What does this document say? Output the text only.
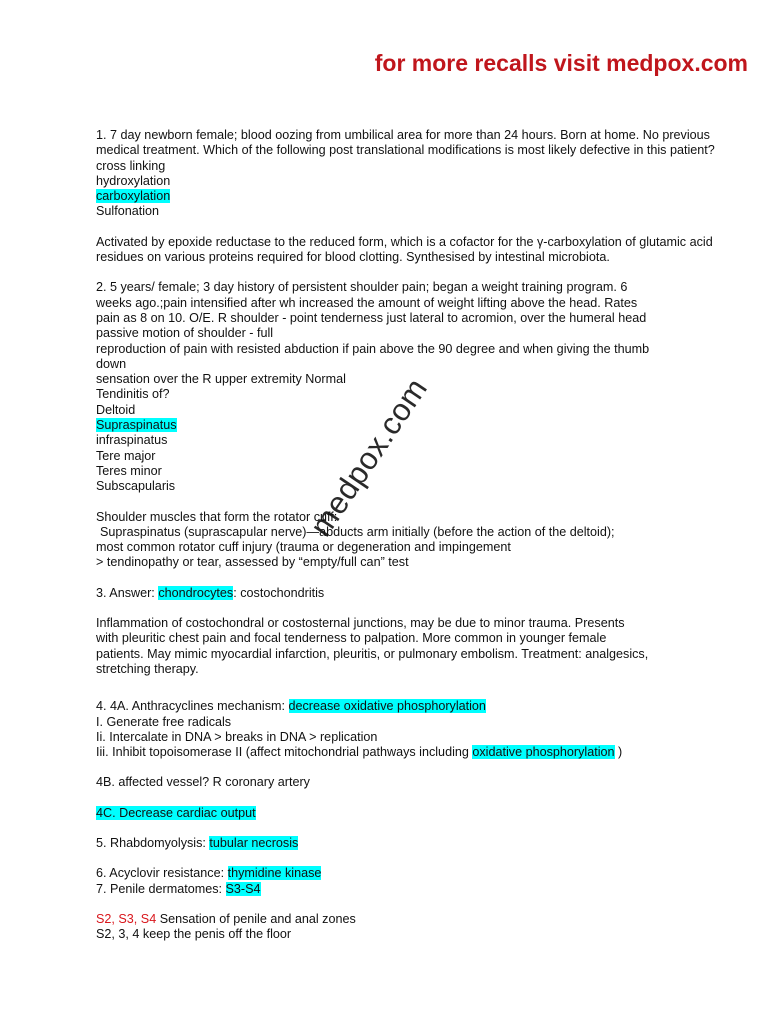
for more recalls visit medpox.com
medpox.com
1. 7 day newborn female; blood oozing from umbilical area for more than 24 hours. Born at home. No previous medical treatment. Which of the following post translational modifications is most likely defective in this patient?
cross linking
hydroxylation
carboxylation
Sulfonation
Activated by epoxide reductase to the reduced form, which is a cofactor for the γ-carboxylation of glutamic acid residues on various proteins required for blood clotting. Synthesised by intestinal microbiota.
2. 5 years/ female; 3 day history of persistent shoulder pain; began a weight training program. 6
weeks ago.;pain intensified after wh increased the amount of weight lifting above the head. Rates
pain as 8 on 10. O/E. R shoulder - point tenderness just lateral to acromion, over the humeral head
passive motion of shoulder - full
reproduction of pain with resisted abduction if pain above the 90 degree and when giving the thumb
down
sensation over the R upper extremity Normal
Tendinitis of?
Deltoid
Supraspinatus
infraspinatus
Tere major
Teres minor
Subscapularis
Shoulder muscles that form the rotator cuff:
Supraspinatus (suprascapular nerve)—abducts arm initially (before the action of the deltoid);
most common rotator cuff injury (trauma or degeneration and impingement
> tendinopathy or tear, assessed by “empty/full can” test
3. Answer: chondrocytes: costochondritis
Inflammation of costochondral or costosternal junctions, may be due to minor trauma. Presents
with pleuritic chest pain and focal tenderness to palpation. More common in younger female
patients. May mimic myocardial infarction, pleuritis, or pulmonary embolism. Treatment: analgesics,
stretching therapy.
4. 4A. Anthracyclines mechanism: decrease oxidative phosphorylation
I. Generate free radicals
Ii. Intercalate in DNA > breaks in DNA > replication
Iii. Inhibit topoisomerase II (affect mitochondrial pathways including oxidative phosphorylation )
4B. affected vessel? R coronary artery
4C. Decrease cardiac output
5. Rhabdomyolysis: tubular necrosis
6. Acyclovir resistance: thymidine kinase
7. Penile dermatomes: S3-S4
S2, S3, S4 Sensation of penile and anal zones
S2, 3, 4 keep the penis off the floor
